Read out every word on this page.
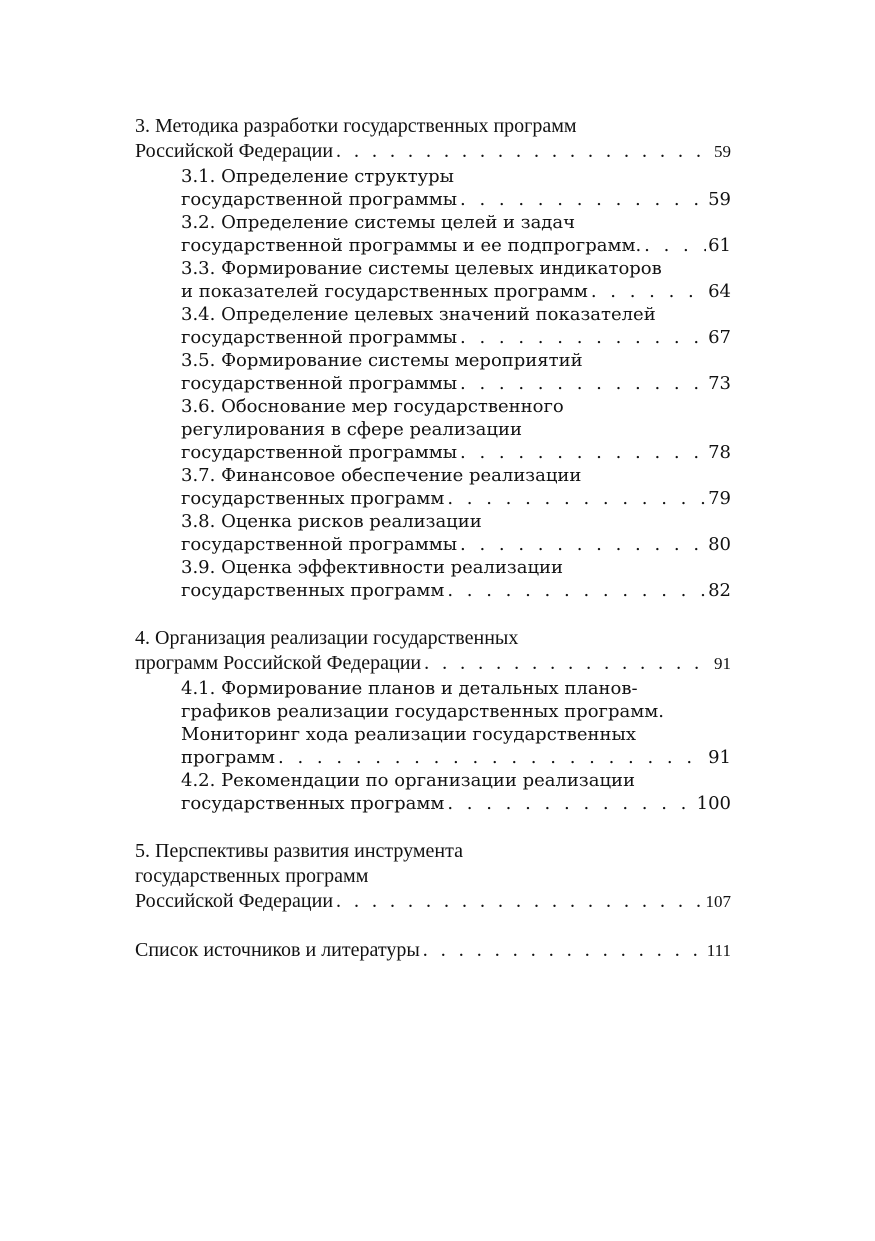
3. Методика разработки государственных программ
Российской Федерации . . .	59
3.1. Определение структуры
государственной программы . . .	59
3.2. Определение системы целей и задач
государственной программы и ее подпрограмм. . . .	61
3.3. Формирование системы целевых индикаторов
и показателей государственных программ . . .	64
3.4. Определение целевых значений показателей
государственной программы . . .	67
3.5. Формирование системы мероприятий
государственной программы . . .	73
3.6. Обоснование мер государственного
регулирования в сфере реализации
государственной программы . . .	78
3.7. Финансовое обеспечение реализации
государственных программ . . .	79
3.8. Оценка рисков реализации
государственной программы . . .	80
3.9. Оценка эффективности реализации
государственных программ . . .	82
4. Организация реализации государственных
программ Российской Федерации . . .	91
4.1. Формирование планов и детальных планов-
графиков реализации государственных программ.
Мониторинг хода реализации государственных
программ . . .	91
4.2. Рекомендации по организации реализации
государственных программ . . .	100
5. Перспективы развития инструмента
государственных программ
Российской Федерации . . .	107
Список источников и литературы . . .	111
